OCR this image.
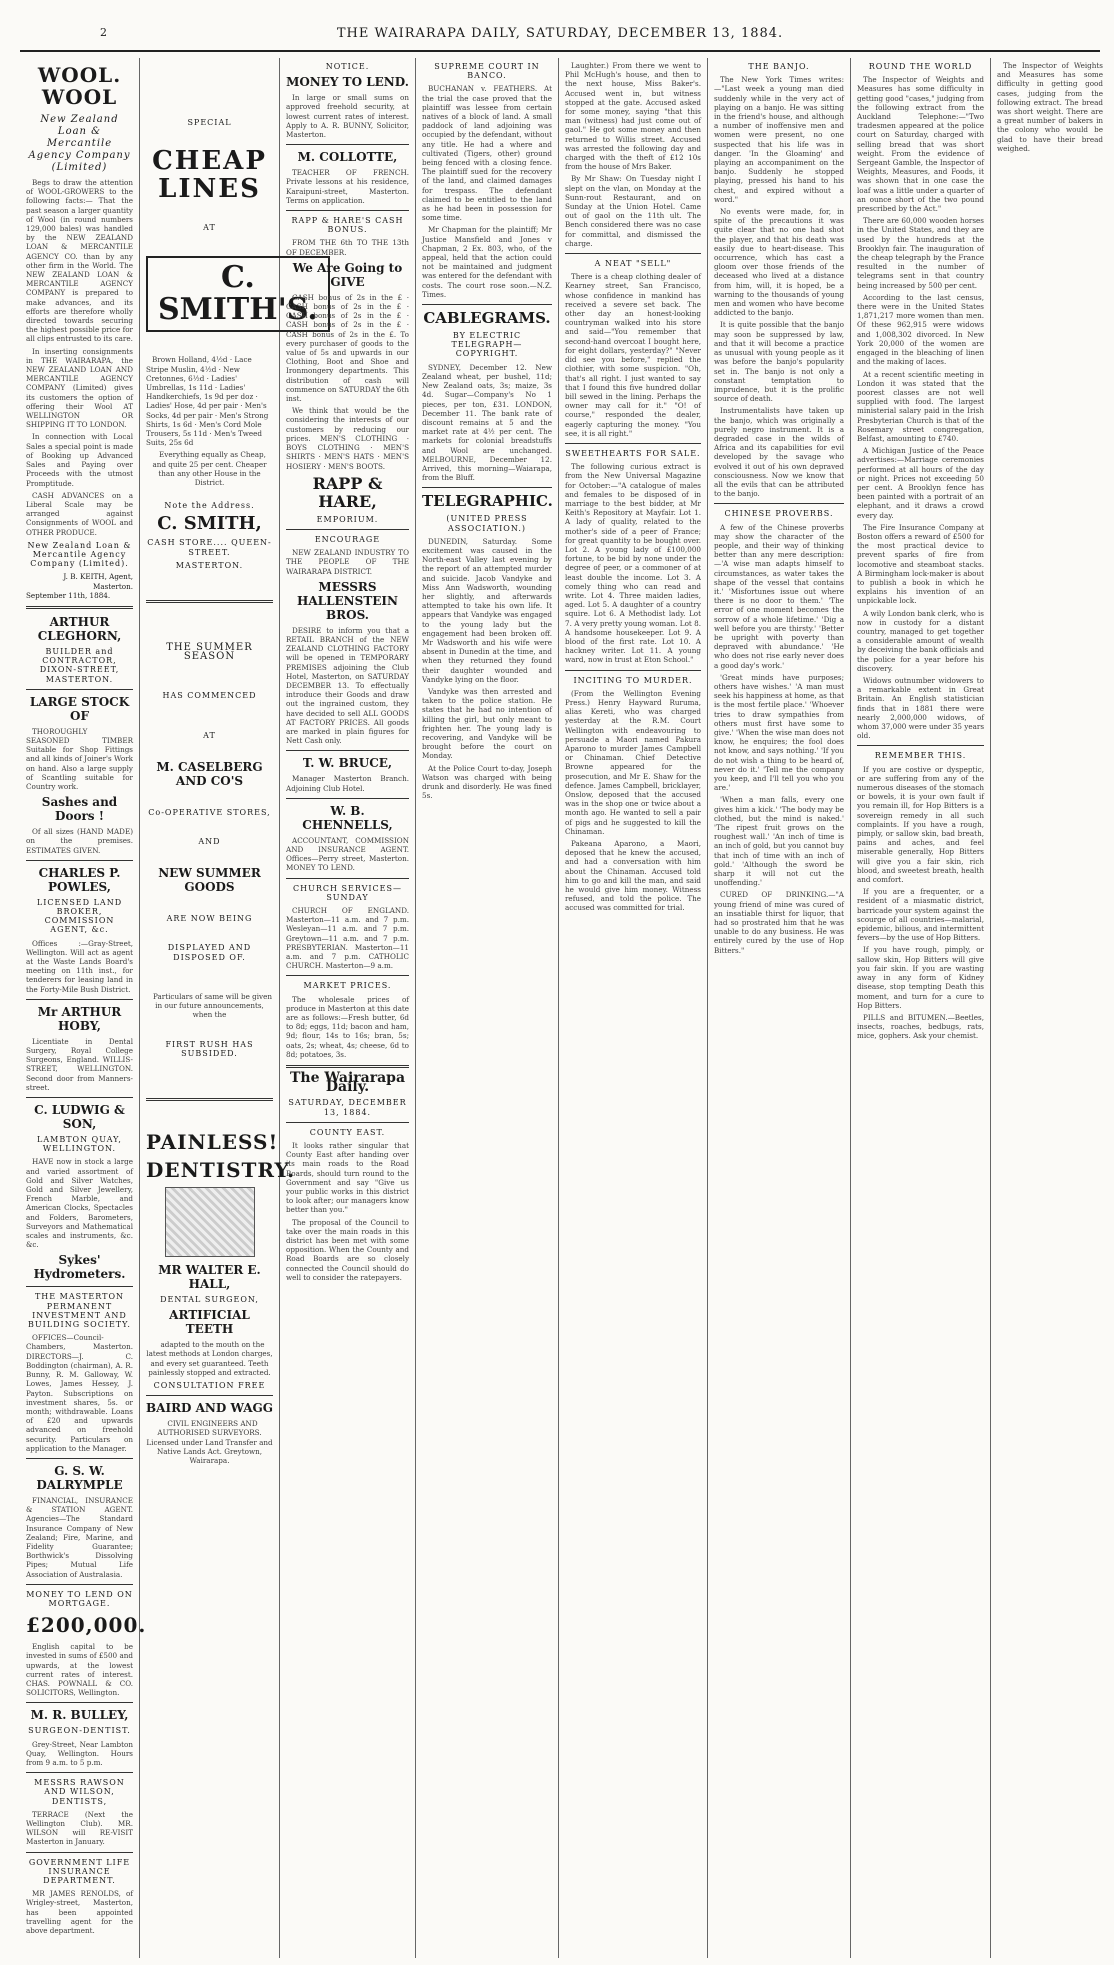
2	THE WAIRARAPA DAILY, SATURDAY, DECEMBER 13, 1884.
WOOL. WOOL
New Zealand Loan & Mercantile Agency Company (Limited)
Begs to draw the attention of WOOL-GROWERS to the following facts:— That the past season a larger quantity of Wool (in round numbers 129,000 bales) was handled by the NEW ZEALAND LOAN & MERCANTILE AGENCY CO. than by any other firm in the World. The NEW ZEALAND LOAN & MERCANTILE AGENCY COMPANY is prepared to make advances, and its efforts are therefore wholly directed towards securing the highest possible price for all clips entrusted to its care.
In inserting consignments in THE WAIRARAPA, the NEW ZEALAND LOAN AND MERCANTILE AGENCY COMPANY (Limited) gives its customers the option of offering their Wool AT WELLINGTON OR SHIPPING IT TO LONDON.
In connection with Local Sales a special point is made of Booking up Advanced Sales and Paying over Proceeds with the utmost Promptitude.
CASH ADVANCES on a Liberal Scale may be arranged against Consignments of WOOL and OTHER PRODUCE.
New Zealand Loan & Mercantile Agency Company (Limited).
J. B. KEITH, Agent, Masterton.
September 11th, 1884.
ARTHUR CLEGHORN,
BUILDER and CONTRACTOR, DIXON-STREET, MASTERTON.
LARGE STOCK OF
THOROUGHLY SEASONED TIMBER Suitable for Shop Fittings and all kinds of Joiner's Work on hand. Also a large supply of Scantling suitable for Country work.
Sashes and Doors !
Of all sizes (HAND MADE) on the premises. ESTIMATES GIVEN.
CHARLES P. POWLES,
LICENSED LAND BROKER, COMMISSION AGENT, &c.
Offices :—Gray-Street, Wellington. Will act as agent at the Waste Lands Board's meeting on 11th inst., for tenderers for leasing land in the Forty-Mile Bush District.
Mr ARTHUR HOBY,
Licentiate in Dental Surgery, Royal College Surgeons, England. WILLIS-STREET, WELLINGTON. Second door from Manners-street.
C. LUDWIG & SON,
LAMBTON QUAY, WELLINGTON.
HAVE now in stock a large and varied assortment of Gold and Silver Watches, Gold and Silver Jewellery, French Marble, and American Clocks, Spectacles and Folders, Barometers, Surveyors and Mathematical scales and instruments, &c. &c.
Sykes' Hydrometers.
THE MASTERTON PERMANENT INVESTMENT AND BUILDING SOCIETY.
OFFICES—Council-Chambers, Masterton. DIRECTORS—J. C. Boddington (chairman), A. R. Bunny, R. M. Galloway, W. Lowes, James Hessey, J. Payton. Subscriptions on investment shares, 5s. or month; withdrawable. Loans of £20 and upwards advanced on freehold security. Particulars on application to the Manager.
G. S. W. DALRYMPLE
FINANCIAL, INSURANCE & STATION AGENT. Agencies—The Standard Insurance Company of New Zealand; Fire, Marine, and Fidelity Guarantee; Borthwick's Dissolving Pipes; Mutual Life Association of Australasia.
MONEY TO LEND ON MORTGAGE.
£200,000.
English capital to be invested in sums of £500 and upwards, at the lowest current rates of interest. CHAS. POWNALL & CO. SOLICITORS, Wellington.
M. R. BULLEY,
SURGEON-DENTIST.
Grey-Street, Near Lambton Quay, Wellington. Hours from 9 a.m. to 5 p.m.
MESSRS RAWSON AND WILSON, DENTISTS,
TERRACE (Next the Wellington Club). MR. WILSON will RE-VISIT Masterton in January.
GOVERNMENT LIFE INSURANCE DEPARTMENT.
MR JAMES RENOLDS, of Wrigley-street, Masterton, has been appointed travelling agent for the above department.
SPECIAL
CHEAP LINES
AT
C. SMITH'S.
Brown Holland, 4½d · Lace Stripe Muslin, 4½d · New Cretonnes, 6½d · Ladies' Umbrellas, 1s 11d · Ladies' Handkerchiefs, 1s 9d per doz · Ladies' Hose, 4d per pair · Men's Socks, 4d per pair · Men's Strong Shirts, 1s 6d · Men's Cord Mole Trousers, 5s 11d · Men's Tweed Suits, 25s 6d
Everything equally as Cheap, and quite 25 per cent. Cheaper than any other House in the District.
Note the Address.
C. SMITH,
CASH STORE.... QUEEN-STREET.
MASTERTON.
THE SUMMER SEASON
HAS COMMENCED
AT
M. CASELBERG AND CO'S
Co-OPERATIVE STORES,
AND
NEW SUMMER GOODS
ARE NOW BEING
DISPLAYED AND DISPOSED OF.
Particulars of same will be given in our future announcements, when the
FIRST RUSH HAS SUBSIDED.
PAINLESS!
DENTISTRY.
MR WALTER E. HALL,
DENTAL SURGEON,
ARTIFICIAL TEETH
adapted to the mouth on the latest methods at London charges, and every set guaranteed. Teeth painlessly stopped and extracted.
CONSULTATION FREE
BAIRD AND WAGG
CIVIL ENGINEERS AND AUTHORISED SURVEYORS. Licensed under Land Transfer and Native Lands Act. Greytown, Wairarapa.
NOTICE.
MONEY TO LEND.
In large or small sums on approved freehold security, at lowest current rates of interest. Apply to A. R. BUNNY, Solicitor, Masterton.
M. COLLOTTE,
TEACHER OF FRENCH. Private lessons at his residence, Karaipuni-street, Masterton. Terms on application.
RAPP & HARE'S CASH BONUS.
FROM THE 6th TO THE 13th OF DECEMBER.
We Are Going to GIVE
CASH bonus of 2s in the £ · CASH bonus of 2s in the £ · CASH bonus of 2s in the £ · CASH bonus of 2s in the £ · CASH bonus of 2s in the £. To every purchaser of goods to the value of 5s and upwards in our Clothing, Boot and Shoe and Ironmongery departments. This distribution of cash will commence on SATURDAY the 6th inst.
We think that would be the considering the interests of our customers by reducing our prices. MEN'S CLOTHING · BOYS CLOTHING · MEN'S SHIRTS · MEN'S HATS · MEN'S HOSIERY · MEN'S BOOTS.
RAPP & HARE,
EMPORIUM.
ENCOURAGE
NEW ZEALAND INDUSTRY TO THE PEOPLE OF THE WAIRARAPA DISTRICT.
MESSRS HALLENSTEIN BROS.
DESIRE to inform you that a RETAIL BRANCH of the NEW ZEALAND CLOTHING FACTORY will be opened in TEMPORARY PREMISES adjoining the Club Hotel, Masterton, on SATURDAY DECEMBER 13. To effectually introduce their Goods and draw out the ingrained custom, they have decided to sell ALL GOODS AT FACTORY PRICES. All goods are marked in plain figures for Nett Cash only.
T. W. BRUCE,
Manager Masterton Branch. Adjoining Club Hotel.
W. B. CHENNELLS,
ACCOUNTANT, COMMISSION AND INSURANCE AGENT. Offices—Perry street, Masterton. MONEY TO LEND.
CHURCH SERVICES—SUNDAY
CHURCH OF ENGLAND. Masterton—11 a.m. and 7 p.m. Wesleyan—11 a.m. and 7 p.m. Greytown—11 a.m. and 7 p.m. PRESBYTERIAN. Masterton—11 a.m. and 7 p.m. CATHOLIC CHURCH. Masterton—9 a.m.
MARKET PRICES.
The wholesale prices of produce in Masterton at this date are as follows:—Fresh butter, 6d to 8d; eggs, 11d; bacon and ham, 9d; flour, 14s to 16s; bran, 5s; oats, 2s; wheat, 4s; cheese, 6d to 8d; potatoes, 3s.
The Wairarapa Daily.
SATURDAY, DECEMBER 13, 1884.
COUNTY EAST.
It looks rather singular that County East after handing over its main roads to the Road Boards, should turn round to the Government and say "Give us your public works in this district to look after; our managers know better than you."
The proposal of the Council to take over the main roads in this district has been met with some opposition. When the County and Road Boards are so closely connected the Council should do well to consider the ratepayers.
SUPREME COURT IN BANCO.
BUCHANAN v. FEATHERS. At the trial the case proved that the plaintiff was lessee from certain natives of a block of land. A small paddock of land adjoining was occupied by the defendant, without any title. He had a where and cultivated (Tigers, other) ground being fenced with a closing fence. The plaintiff sued for the recovery of the land, and claimed damages for trespass. The defendant claimed to be entitled to the land as he had been in possession for some time.
Mr Chapman for the plaintiff; Mr Justice Mansfield and Jones v Chapman, 2 Ex. 803, who, of the appeal, held that the action could not be maintained and judgment was entered for the defendant with costs. The court rose soon.—N.Z. Times.
CABLEGRAMS.
BY ELECTRIC TELEGRAPH—COPYRIGHT.
SYDNEY, December 12. New Zealand wheat, per bushel, 11d; New Zealand oats, 3s; maize, 3s 4d. Sugar—Company's No 1 pieces, per ton, £31. LONDON, December 11. The bank rate of discount remains at 5 and the market rate at 4½ per cent. The markets for colonial breadstuffs and Wool are unchanged. MELBOURNE, December 12. Arrived, this morning—Waiarapa, from the Bluff.
TELEGRAPHIC.
(UNITED PRESS ASSOCIATION.)
DUNEDIN, Saturday. Some excitement was caused in the North-east Valley last evening by the report of an attempted murder and suicide. Jacob Vandyke and Miss Ann Wadsworth, wounding her slightly, and afterwards attempted to take his own life. It appears that Vandyke was engaged to the young lady but the engagement had been broken off. Mr Wadsworth and his wife were absent in Dunedin at the time, and when they returned they found their daughter wounded and Vandyke lying on the floor.
Vandyke was then arrested and taken to the police station. He states that he had no intention of killing the girl, but only meant to frighten her. The young lady is recovering, and Vandyke will be brought before the court on Monday.
At the Police Court to-day, Joseph Watson was charged with being drunk and disorderly. He was fined 5s.
Laughter.) From there we went to Phil McHugh's house, and then to the next house, Miss Baker's. Accused went in, but witness stopped at the gate. Accused asked for some money, saying "that this man (witness) had just come out of gaol." He got some money and then returned to Willis street. Accused was arrested the following day and charged with the theft of £12 10s from the house of Mrs Baker.
By Mr Shaw: On Tuesday night I slept on the vlan, on Monday at the Sunn-rout Restaurant, and on Sunday at the Union Hotel. Came out of gaol on the 11th ult. The Bench considered there was no case for committal, and dismissed the charge.
A NEAT "SELL"
There is a cheap clothing dealer of Kearney street, San Francisco, whose confidence in mankind has received a severe set back. The other day an honest-looking countryman walked into his store and said—"You remember that second-hand overcoat I bought here, for eight dollars, yesterday?" "Never did see you before," replied the clothier, with some suspicion. "Oh, that's all right. I just wanted to say that I found this five hundred dollar bill sewed in the lining. Perhaps the owner may call for it." "O! of course," responded the dealer, eagerly capturing the money. "You see, it is all right."
SWEETHEARTS FOR SALE.
The following curious extract is from the New Universal Magazine for October:—"A catalogue of males and females to be disposed of in marriage to the best bidder, at Mr Keith's Repository at Mayfair. Lot 1. A lady of quality, related to the mother's side of a peer of France; for great quantity to be bought over. Lot 2. A young lady of £100,000 fortune, to be bid by none under the degree of peer, or a commoner of at least double the income. Lot 3. A comely thing who can read and write. Lot 4. Three maiden ladies, aged. Lot 5. A daughter of a country squire. Lot 6. A Methodist lady. Lot 7. A very pretty young woman. Lot 8. A handsome housekeeper. Lot 9. A blood of the first rate. Lot 10. A hackney writer. Lot 11. A young ward, now in trust at Eton School."
INCITING TO MURDER.
(From the Wellington Evening Press.) Henry Hayward Ruruma, alias Kereti, who was charged yesterday at the R.M. Court Wellington with endeavouring to persuade a Maori named Pakura Aparono to murder James Campbell or Chinaman. Chief Detective Browne appeared for the prosecution, and Mr E. Shaw for the defence. James Campbell, bricklayer, Onslow, deposed that the accused was in the shop one or twice about a month ago. He wanted to sell a pair of pigs and he suggested to kill the Chinaman.
Pakeana Aparono, a Maori, deposed that he knew the accused, and had a conversation with him about the Chinaman. Accused told him to go and kill the man, and said he would give him money. Witness refused, and told the police. The accused was committed for trial.
THE BANJO.
The New York Times writes:—"Last week a young man died suddenly while in the very act of playing on a banjo. He was sitting in the friend's house, and although a number of inoffensive men and women were present, no one suspected that his life was in danger. 'In the Gloaming' and playing an accompaniment on the banjo. Suddenly he stopped playing, pressed his hand to his chest, and expired without a word."
No events were made, for, in spite of the precautions it was quite clear that no one had shot the player, and that his death was easily due to heart-disease. This occurrence, which has cast a gloom over those friends of the deceased who lived at a distance from him, will, it is hoped, be a warning to the thousands of young men and women who have become addicted to the banjo.
It is quite possible that the banjo may soon be suppressed by law, and that it will become a practice as unusual with young people as it was before the banjo's popularity set in. The banjo is not only a constant temptation to imprudence, but it is the prolific source of death.
Instrumentalists have taken up the banjo, which was originally a purely negro instrument. It is a degraded case in the wilds of Africa and its capabilities for evil developed by the savage who evolved it out of his own depraved consciousness. Now we know that all the evils that can be attributed to the banjo.
CHINESE PROVERBS.
A few of the Chinese proverbs may show the character of the people, and their way of thinking better than any mere description:—'A wise man adapts himself to circumstances, as water takes the shape of the vessel that contains it.' 'Misfortunes issue out where there is no door to them.' 'The error of one moment becomes the sorrow of a whole lifetime.' 'Dig a well before you are thirsty.' 'Better be upright with poverty than depraved with abundance.' 'He who does not rise early never does a good day's work.'
'Great minds have purposes; others have wishes.' 'A man must seek his happiness at home, as that is the most fertile place.' 'Whoever tries to draw sympathies from others must first have some to give.' 'When the wise man does not know, he enquires; the fool does not know, and says nothing.' 'If you do not wish a thing to be heard of, never do it.' 'Tell me the company you keep, and I'll tell you who you are.'
'When a man falls, every one gives him a kick.' 'The body may be clothed, but the mind is naked.' 'The ripest fruit grows on the roughest wall.' 'An inch of time is an inch of gold, but you cannot buy that inch of time with an inch of gold.' 'Although the sword be sharp it will not cut the unoffending.'
CURED OF DRINKING.—"A young friend of mine was cured of an insatiable thirst for liquor, that had so prostrated him that he was unable to do any business. He was entirely cured by the use of Hop Bitters."
ROUND THE WORLD
The Inspector of Weights and Measures has some difficulty in getting good "cases," judging from the following extract from the Auckland Telephone:—"Two tradesmen appeared at the police court on Saturday, charged with selling bread that was short weight. From the evidence of Sergeant Gamble, the Inspector of Weights, Measures, and Foods, it was shown that in one case the loaf was a little under a quarter of an ounce short of the two pound prescribed by the Act."
There are 60,000 wooden horses in the United States, and they are used by the hundreds at the Brooklyn fair. The inauguration of the cheap telegraph by the France resulted in the number of telegrams sent in that country being increased by 500 per cent.
According to the last census, there were in the United States 1,871,217 more women than men. Of these 962,915 were widows and 1,008,302 divorced. In New York 20,000 of the women are engaged in the bleaching of linen and the making of laces.
At a recent scientific meeting in London it was stated that the poorest classes are not well supplied with food. The largest ministerial salary paid in the Irish Presbyterian Church is that of the Rosemary street congregation, Belfast, amounting to £740.
A Michigan Justice of the Peace advertises:—Marriage ceremonies performed at all hours of the day or night. Prices not exceeding 50 per cent. A Brooklyn fence has been painted with a portrait of an elephant, and it draws a crowd every day.
The Fire Insurance Company at Boston offers a reward of £500 for the most practical device to prevent sparks of fire from locomotive and steamboat stacks. A Birmingham lock-maker is about to publish a book in which he explains his invention of an unpickable lock.
A wily London bank clerk, who is now in custody for a distant country, managed to get together a considerable amount of wealth by deceiving the bank officials and the police for a year before his discovery.
Widows outnumber widowers to a remarkable extent in Great Britain. An English statistician finds that in 1881 there were nearly 2,000,000 widows, of whom 37,000 were under 35 years old.
REMEMBER THIS.
If you are costive or dyspeptic, or are suffering from any of the numerous diseases of the stomach or bowels, it is your own fault if you remain ill, for Hop Bitters is a sovereign remedy in all such complaints. If you have a rough, pimply, or sallow skin, bad breath, pains and aches, and feel miserable generally, Hop Bitters will give you a fair skin, rich blood, and sweetest breath, health and comfort.
If you are a frequenter, or a resident of a miasmatic district, barricade your system against the scourge of all countries—malarial, epidemic, bilious, and intermittent fevers—by the use of Hop Bitters.
If you have rough, pimply, or sallow skin, Hop Bitters will give you fair skin. If you are wasting away in any form of Kidney disease, stop tempting Death this moment, and turn for a cure to Hop Bitters.
PILLS and BITUMEN.—Beetles, insects, roaches, bedbugs, rats, mice, gophers. Ask your chemist.
The Inspector of Weights and Measures has some difficulty in getting good cases, judging from the following extract. The bread was short weight. There are a great number of bakers in the colony who would be glad to have their bread weighed.
